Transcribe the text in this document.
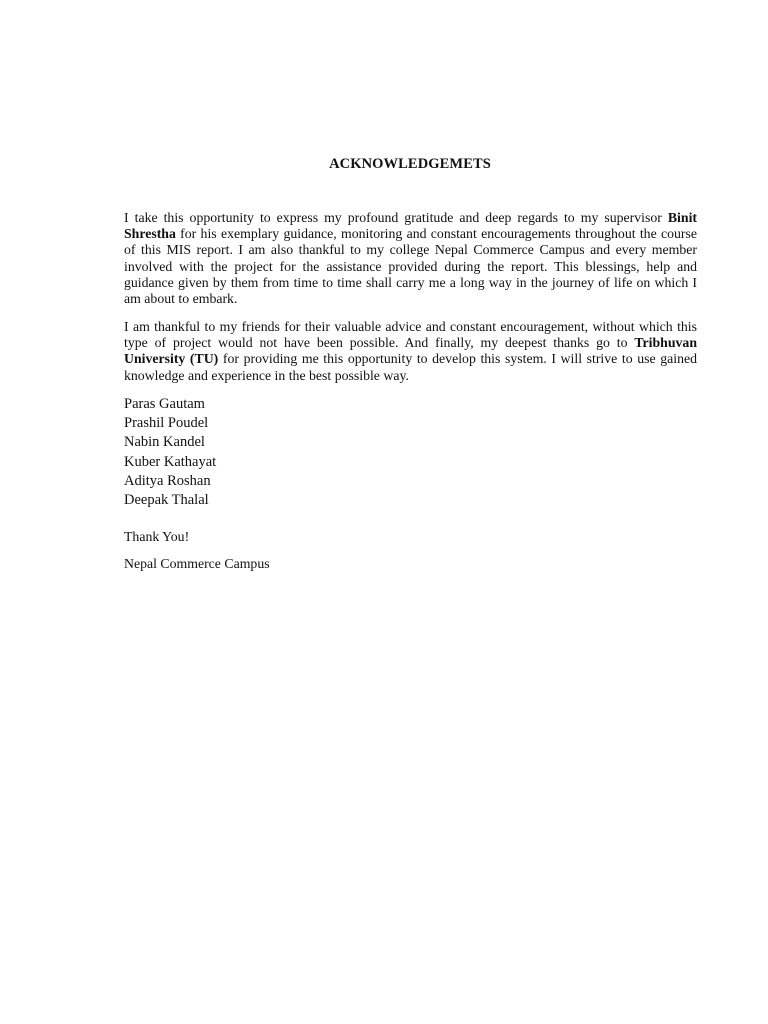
ACKNOWLEDGEMETS

I take this opportunity to express my profound gratitude and deep regards to my supervisor Binit Shrestha for his exemplary guidance, monitoring and constant encouragements throughout the course of this MIS report. I am also thankful to my college Nepal Commerce Campus and every member involved with the project for the assistance provided during the report. This blessings, help and guidance given by them from time to time shall carry me a long way in the journey of life on which I am about to embark.

I am thankful to my friends for their valuable advice and constant encouragement, without which this type of project would not have been possible. And finally, my deepest thanks go to Tribhuvan University (TU) for providing me this opportunity to develop this system. I will strive to use gained knowledge and experience in the best possible way.

Paras Gautam
Prashil Poudel
Nabin Kandel
Kuber Kathayat
Aditya Roshan
Deepak Thalal

Thank You!

Nepal Commerce Campus
